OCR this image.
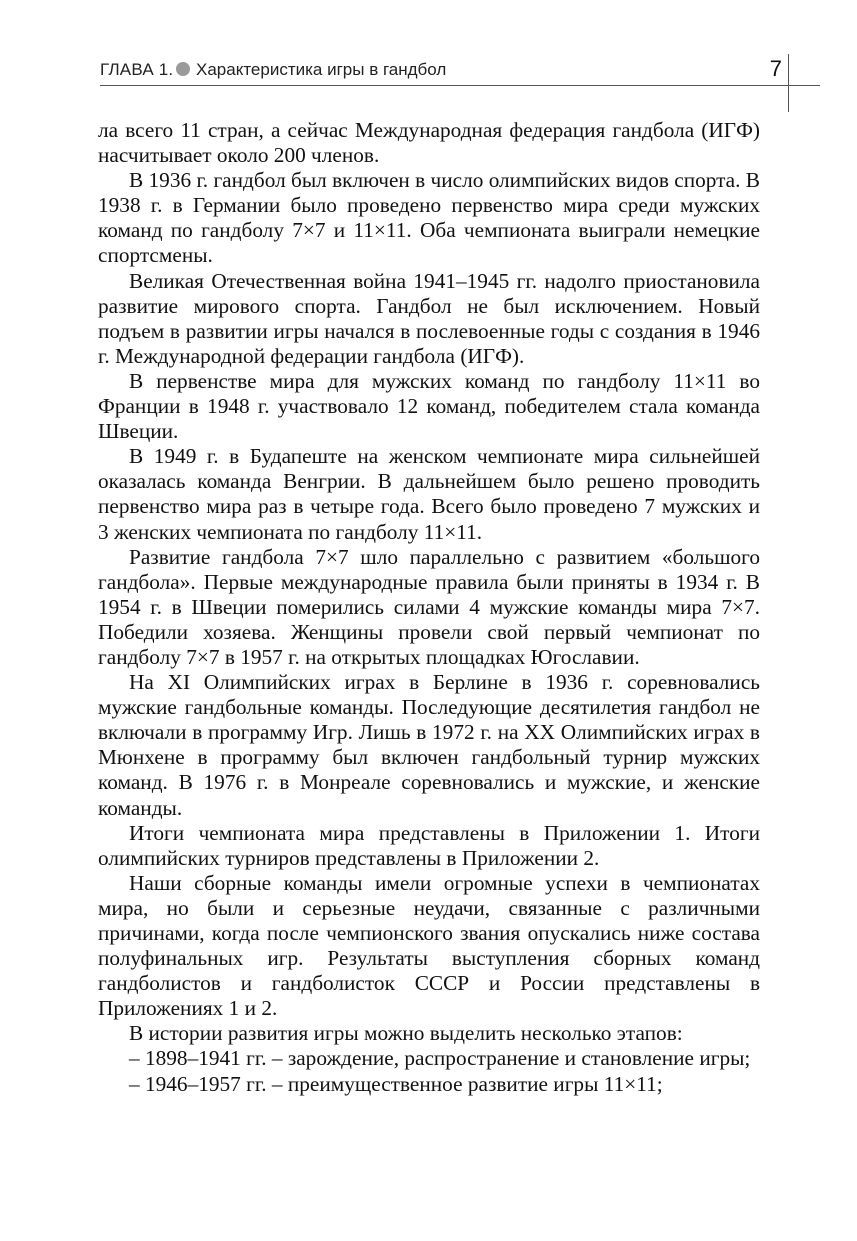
ГЛАВА 1. Характеристика игры в гандбол	7

ла всего 11 стран, а сейчас Международная федерация гандбола (ИГФ) насчитывает около 200 членов.

В 1936 г. гандбол был включен в число олимпийских видов спорта. В 1938 г. в Германии было проведено первенство мира среди мужских команд по гандболу 7×7 и 11×11. Оба чемпионата выиграли немецкие спортсмены.

Великая Отечественная война 1941–1945 гг. надолго приостановила развитие мирового спорта. Гандбол не был исключением. Новый подъем в развитии игры начался в послевоенные годы с создания в 1946 г. Международной федерации гандбола (ИГФ).

В первенстве мира для мужских команд по гандболу 11×11 во Франции в 1948 г. участвовало 12 команд, победителем стала команда Швеции.

В 1949 г. в Будапеште на женском чемпионате мира сильнейшей оказалась команда Венгрии. В дальнейшем было решено проводить первенство мира раз в четыре года. Всего было проведено 7 мужских и 3 женских чемпионата по гандболу 11×11.

Развитие гандбола 7×7 шло параллельно с развитием «большого гандбола». Первые международные правила были приняты в 1934 г. В 1954 г. в Швеции померились силами 4 мужские команды мира 7×7. Победили хозяева. Женщины провели свой первый чемпионат по гандболу 7×7 в 1957 г. на открытых площадках Югославии.

На XI Олимпийских играх в Берлине в 1936 г. соревновались мужские гандбольные команды. Последующие десятилетия гандбол не включали в программу Игр. Лишь в 1972 г. на XX Олимпийских играх в Мюнхене в программу был включен гандбольный турнир мужских команд. В 1976 г. в Монреале соревновались и мужские, и женские команды.

Итоги чемпионата мира представлены в Приложении 1. Итоги олимпийских турниров представлены в Приложении 2.

Наши сборные команды имели огромные успехи в чемпионатах мира, но были и серьезные неудачи, связанные с различными причинами, когда после чемпионского звания опускались ниже состава полуфинальных игр. Результаты выступления сборных команд гандболистов и гандболисток СССР и России представлены в Приложениях 1 и 2.

В истории развития игры можно выделить несколько этапов:

– 1898–1941 гг. – зарождение, распространение и становление игры;

– 1946–1957 гг. – преимущественное развитие игры 11×11;
